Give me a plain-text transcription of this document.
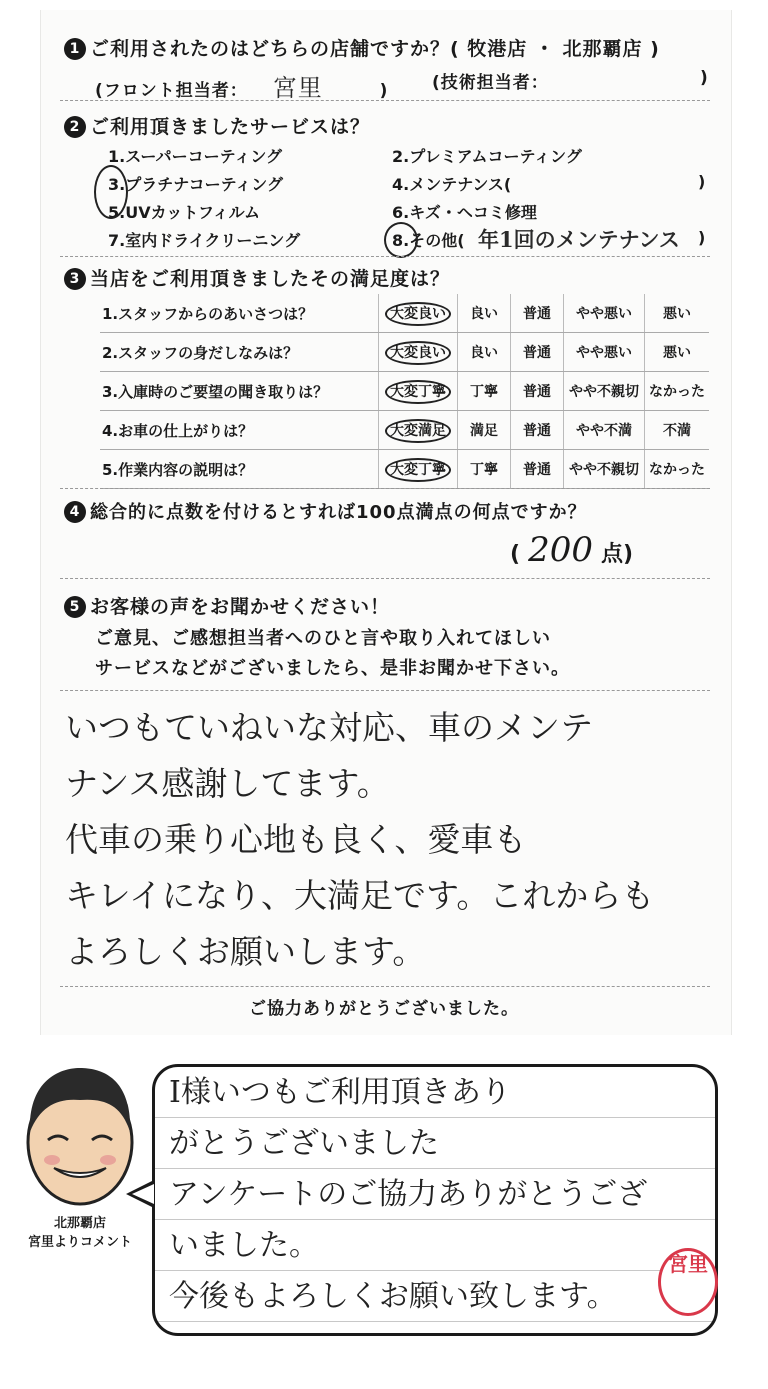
1 ご利用されたのはどちらの店舗ですか？( 牧港店 ・ 北那覇店 )
(フロント担当者： 宮里	)	(技術担当者：	)
2 ご利用頂きましたサービスは？
1.スーパーコーティング	2.プレミアムコーティング
3.プラチナコーティング	4.メンテナンス(	)
5.UVカットフィルム	6.キズ・ヘコミ修理
7.室内ドライクリーニング	8.その他( 年1回のメンテナンス )
3 当店をご利用頂きましたその満足度は？
1.スタッフからのあいさつは？	大変良い	良い	普通	やや悪い	悪い
2.スタッフの身だしなみは？	大変良い	良い	普通	やや悪い	悪い
3.入庫時のご要望の聞き取りは？	大変丁寧	丁寧	普通	やや不親切	なかった
4.お車の仕上がりは？	大変満足	満足	普通	やや不満	不満
5.作業内容の説明は？	大変丁寧	丁寧	普通	やや不親切	なかった
4 総合的に点数を付けるとすれば100点満点の何点ですか？
( 200 点)
5 お客様の声をお聞かせください！
ご意見、ご感想担当者へのひと言や取り入れてほしい
サービスなどがございましたら、是非お聞かせ下さい。

いつもていねいな対応、車のメンテ

ナンス感謝してます。

代車の乗り心地も良く、愛車も

キレイになり、大満足です。これからも

よろしくお願いします。

ご協力ありがとうございました。
北那覇店
宮里よりコメント

I様いつもご利用頂きあり

がとうございました

アンケートのご協力ありがとうござ

いました。

今後もよろしくお願い致します。

宮里
